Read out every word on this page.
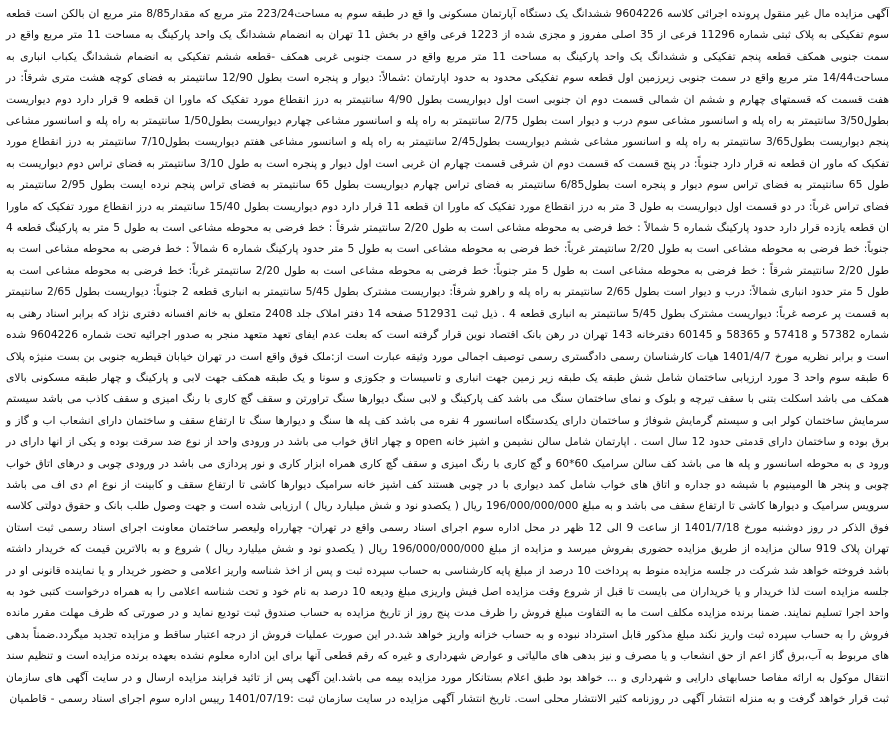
آگهی مزایده مال غیر منقول پرونده اجرائی کلاسه 9604226 ششدانگ یک دستگاه آپارتمان مسکونی وا قع در طبقه سوم به مساحت223/24 متر مربع که مقدار8/85 متر مربع ان بالکن است قطعه سوم تفکیکی به پلاک ثبتی شماره 11296 فرعی از 35 اصلی مفروز و مجزی شده از 1223 فرعی واقع در بخش 11 تهران به انضمام ششدانگ یک واحد پارکینگ به مساحت 11 متر مربع واقع در سمت جنوبی همکف قطعه پنجم تفکیکی و ششدانگ یک واحد پارکینگ به مساحت 11 متر مربع واقع در سمت جنوبی غربی همکف -قطعه ششم تفکیکی به انضمام ششدانگ یکباب انباری به مساحت14/44 متر مربع واقع در سمت جنوبی زیرزمین اول قطعه سوم تفکیکی محدود به حدود اپارتمان :شمالاً: دیوار و پنجره است بطول 12/90 سانتیمتر به فضای کوچه هشت متری شرقاً: در هفت قسمت که قسمتهای چهارم و ششم ان شمالی قسمت دوم ان جنوبی است اول دیواریست بطول 4/90 سانتیمتر به درز انقطاع مورد تفکیک که ماورا ان قطعه 9 قرار دارد دوم دیواریست بطول3/50 سانتیمتر به راه پله و اسانسور مشاعی سوم درب و دیوار است بطول 2/75 سانتیمتر به راه پله و اسانسور مشاعی چهارم دیواریست بطول1/50 سانتیمتر به راه پله و اسانسور مشاعی پنجم دیواریست بطول3/65 سانتیمتر به راه پله و اسانسور مشاعی ششم دیواریست بطول2/45 سانتیمتر به راه پله و اسانسور مشاعی هفتم دیواریست بطول7/10 سانتیمتر به درز انقطاع مورد تفکیک که ماور ان قطعه نه قرار دارد جنوباً: در پنج قسمت که قسمت دوم ان شرقی قسمت چهارم ان غربی است اول دیوار و پنجره است به طول 3/10 سانتیمتر به فضای تراس دوم دیواریست به طول 65 سانتیمتر به فضای تراس سوم دیوار و پنجره است بطول6/85 سانتیمتر به فضای تراس چهارم دیواریست بطول 65 سانتیمتر به فضای تراس پنجم نرده ایست بطول 2/95 سانتیمتر به فضای تراس غرباً: در دو قسمت اول دیواریست به طول 3 متر به درز انقطاع مورد تفکیک که ماورا ان قطعه 11 قرار دارد دوم دیواریست بطول 15/40 سانتیمتر به درز انقطاع مورد تفکیک که ماورا ان قطعه یازده قرار دارد حدود پارکینگ شماره 5 شمالاً : خط فرضی به محوطه مشاعی است به طول 2/20 سانتیمتر شرقاً : خط فرضی به محوطه مشاعی است به طول 5 متر به پارکینگ قطعه 4 جنوباً: خط فرضی به محوطه مشاعی است به طول 2/20 سانتیمتر غرباً: خط فرضی به محوطه مشاعی است به طول 5 متر حدود پارکینگ شماره 6 شمالاً : خط فرضی به محوطه مشاعی است به طول 2/20 سانتیمتر شرقاً : خط فرضی به محوطه مشاعی است به طول 5 متر جنوباً: خط فرضی به محوطه مشاعی است به طول 2/20 سانتیمتر غرباً: خط فرضی به محوطه مشاعی است به طول 5 متر حدود انباری شمالاً: درب و دیوار است بطول 2/65 سانتیمتر به راه پله و راهرو شرقاً: دیواریست مشترک بطول 5/45 سانتیمتر به انباری قطعه 2 جنوباً: دیواریست بطول 2/65 سانتیمتر به قسمت پر عرصه غرباً: دیواریست مشترک بطول 5/45 سانتیمتر به انباری قطعه 4 . ذیل ثبت 512931 صفحه 14 دفتر املاک جلد 2408 متعلق به خانم افسانه دفتری نژاد که برابر اسناد رهنی به شماره 57382 و 57418 و 58365 و 60145 دفترخانه 143 تهران در رهن بانک اقتصاد نوین قرار گرفته است که بعلت عدم ایفای تعهد متعهد منجر به صدور اجرائیه تحت شماره 9604226 شده است و برابر نظریه مورخ 1401/4/7 هیات کارشناسان رسمی دادگستری رسمی توصیف اجمالی مورد وثیقه عبارت است از:ملک فوق واقع است در تهران خیابان قیطریه جنوبی بن بست منیژه پلاک 6 طبقه سوم واحد 3 مورد ارزیابی ساختمان شامل شش طبقه یک طبقه زیر زمین جهت انباری و تاسیسات و جکوزی و سونا و یک طبقه همکف جهت لابی و پارکینگ و چهار طبقه مسکونی بالای همکف می باشد اسکلت بتنی با سقف تیرچه و بلوک و نمای ساختمان سنگ می باشد کف پارکینگ و لابی سنگ دیوارها سنگ تراورتن و سقف گچ کاری با رنگ امیزی و سقف کاذب می باشد سیستم سرمایش ساختمان کولر ابی و سیستم گرمایش شوفاژ و ساختمان دارای یکدستگاه اسانسور 4 نفره می باشد کف پله ها سنگ و دیوارها سنگ تا ارتفاع سقف و ساختمان دارای انشعاب اب و گاز و برق بوده و ساختمان دارای قدمتی حدود 12 سال است . اپارتمان شامل سالن نشیمن و اشپز خانه open و چهار اتاق خواب می باشد در ورودی واحد از نوع ضد سرقت بوده و یکی از انها دارای در ورود ی به محوطه اسانسور و پله ها می باشد کف سالن سرامیک 60*60 و گچ کاری با رنگ امیزی و سقف گچ کاری همراه ابزار کاری و نور پردازی می باشد در ورودی چوبی و درهای اتاق خواب چوبی و پنجر ها الومینیوم با شیشه دو جداره و اتاق های خواب شامل کمد دیواری با در چوبی هستند کف اشپز خانه سرامیک دیوارها کاشی تا ارتفاع سقف و کابینت از نوع ام دی اف می باشد سرویس سرامیک و دیوارها کاشی تا ارتفاع سقف می باشد و به مبلغ 196/000/000/000 ریال ( یکصدو نود و شش میلیارد ریال ) ارزیابی شده است و جهت وصول طلب بانک و حقوق دولتی کلاسه فوق الذکر در روز دوشنبه مورخ 1401/7/18 از ساعت 9 الی 12 ظهر در محل اداره سوم اجرای اسناد رسمی واقع در تهران- چهارراه ولیعصر ساختمان معاونت اجرای اسناد رسمی ثبت استان تهران پلاک 919 سالن مزایده از طریق مزایده حضوری بفروش میرسد و مزایده از مبلغ 196/000/000/000 ریال ( یکصدو نود و شش میلیارد ریال ) شروع و به بالاترین قیمت که خریدار داشته باشد فروخته خواهد شد شرکت در جلسه مزایده منوط به پرداخت 10 درصد از مبلغ پایه کارشناسی به حساب سپرده ثبت و پس از اخذ شناسه واریز اعلامی و حضور خریدار و یا نماینده قانونی او در جلسه مزایده است لذا خریدار و یا خریداران می بایست تا قبل از شروع وقت مزایده اصل فیش واریزی مبلغ ودیعه 10 درصد به نام خود و تحت شناسه اعلامی را به همراه درخواست کتبی خود به واحد اجرا تسلیم نمایند. ضمنا برنده مزایده مکلف است ما به التفاوت مبلغ فروش را ظرف مدت پنج روز از تاریخ مزایده به حساب صندوق ثبت تودیع نماید و در صورتی که ظرف مهلت مقرر مانده فروش را به حساب سپرده ثبت واریز نکند مبلغ مذکور قابل استرداد نبوده و به حساب خزانه واریز خواهد شد.در این صورت عملیات فروش از درجه اعتبار ساقط و مزایده تجدید میگردد.ضمناً بدهی های مربوط به آب،برق گاز اعم از حق انشعاب و یا مصرف و نیز بدهی های مالیاتی و عوارض شهرداری و غیره که رقم قطعی آنها برای این اداره معلوم نشده بعهده برنده مزایده است و تنظیم سند انتقال موکول به ارائه مفاصا حسابهای دارایی و شهرداری و ... خواهد بود طبق اعلام بستانکار مورد مزایده بیمه می باشد.این آگهی پس از تائید فرایند مزایده ارسال و در سایت آگهی های سازمان ثبت قرار خواهد گرفت و به منزله انتشار آگهی در روزنامه کثیر الانتشار محلی است. تاریخ انتشار آگهی مزایده در سایت سازمان ثبت :1401/07/19 رییس اداره سوم اجرای اسناد رسمی - قاطمیان
